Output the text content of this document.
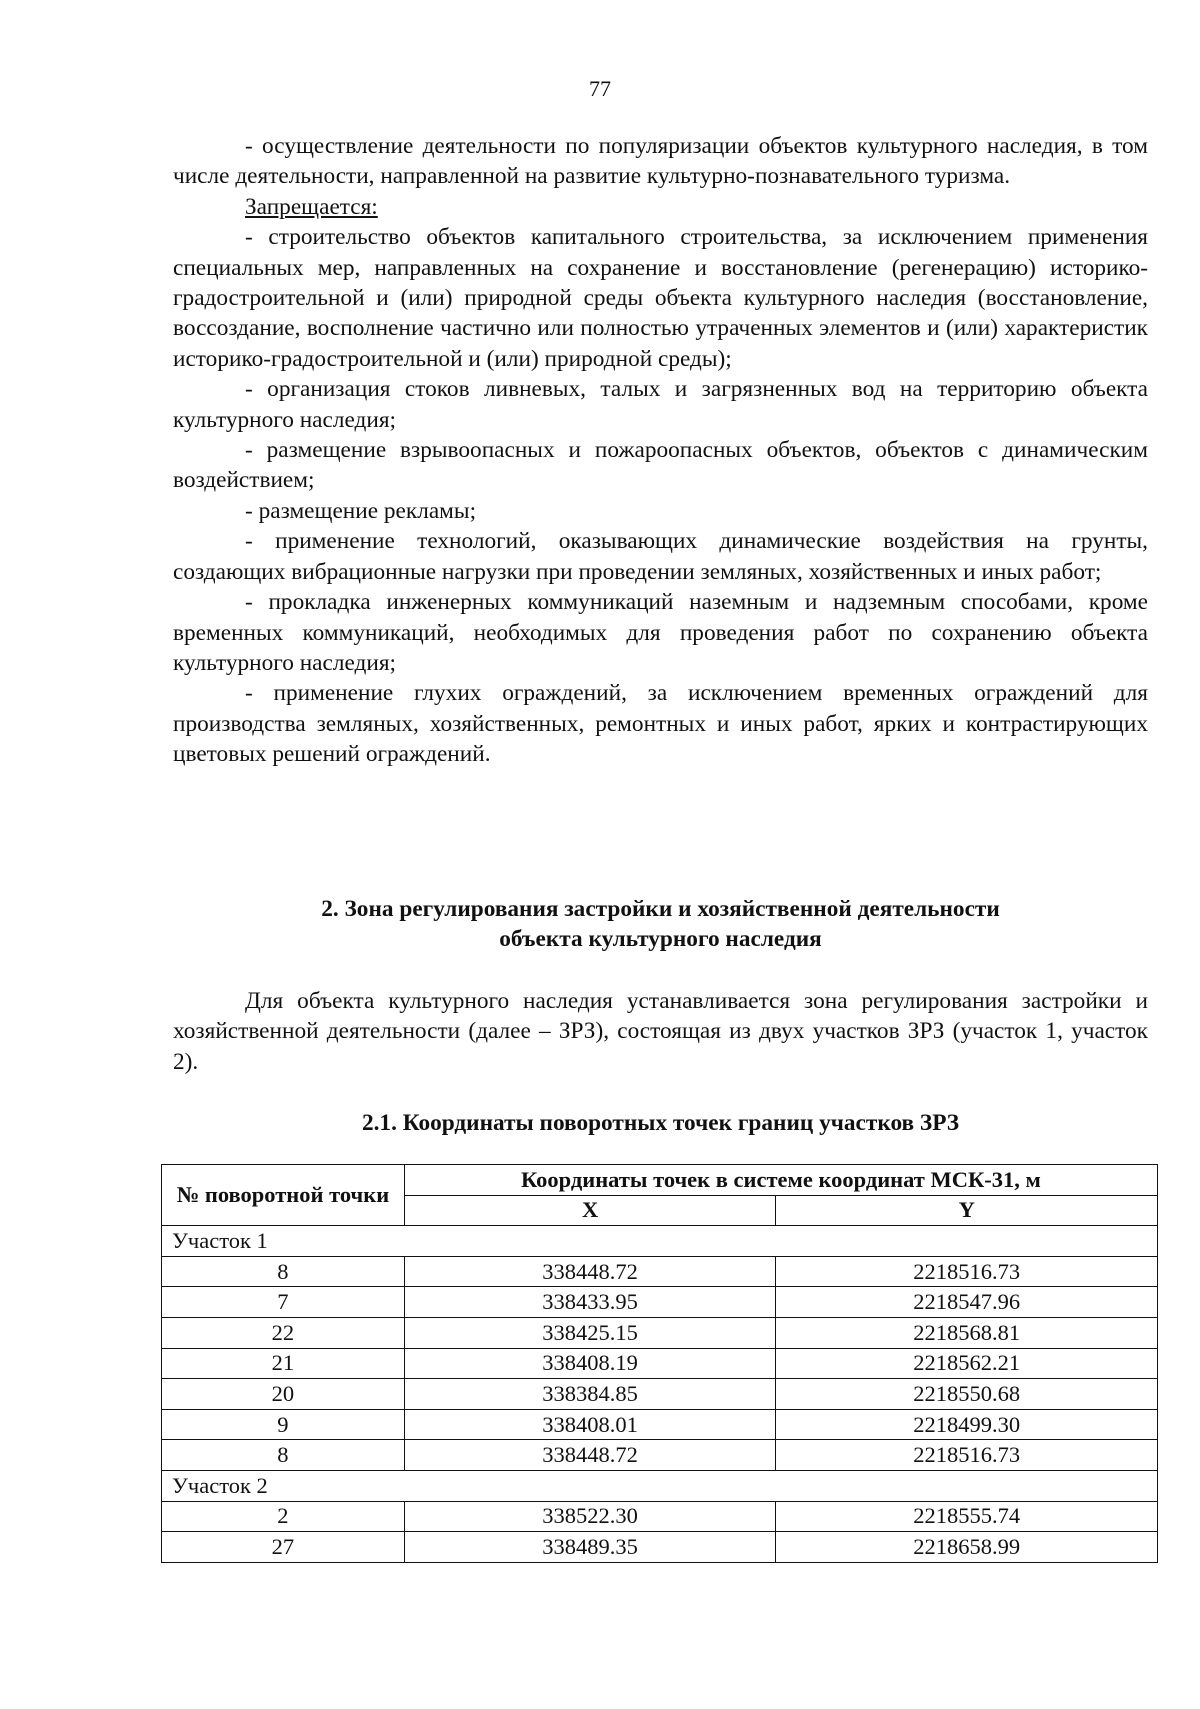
77

- осуществление деятельности по популяризации объектов культурного наследия, в том числе деятельности, направленной на развитие культурно-познавательного туризма.

Запрещается:

- строительство объектов капитального строительства, за исключением применения специальных мер, направленных на сохранение и восстановление (регенерацию) историко-градостроительной и (или) природной среды объекта культурного наследия (восстановление, воссоздание, восполнение частично или полностью утраченных элементов и (или) характеристик историко-градостроительной и (или) природной среды);

- организация стоков ливневых, талых и загрязненных вод на территорию объекта культурного наследия;

- размещение взрывоопасных и пожароопасных объектов, объектов с динамическим воздействием;

- размещение рекламы;

- применение технологий, оказывающих динамические воздействия на грунты, создающих вибрационные нагрузки при проведении земляных, хозяйственных и иных работ;

- прокладка инженерных коммуникаций наземным и надземным способами, кроме временных коммуникаций, необходимых для проведения работ по сохранению объекта культурного наследия;

- применение глухих ограждений, за исключением временных ограждений для производства земляных, хозяйственных, ремонтных и иных работ, ярких и контрастирующих цветовых решений ограждений.

2. Зона регулирования застройки и хозяйственной деятельности
объекта культурного наследия

Для объекта культурного наследия устанавливается зона регулирования застройки и хозяйственной деятельности (далее – ЗРЗ), состоящая из двух участков ЗРЗ (участок 1, участок 2).

2.1. Координаты поворотных точек границ участков ЗРЗ
№ поворотной точки	Координаты точек в системе координат МСК-31, м	
	X	Y
Участок 1		
8	338448.72	2218516.73
7	338433.95	2218547.96
22	338425.15	2218568.81
21	338408.19	2218562.21
20	338384.85	2218550.68
9	338408.01	2218499.30
8	338448.72	2218516.73
Участок 2		
2	338522.30	2218555.74
27	338489.35	2218658.99
